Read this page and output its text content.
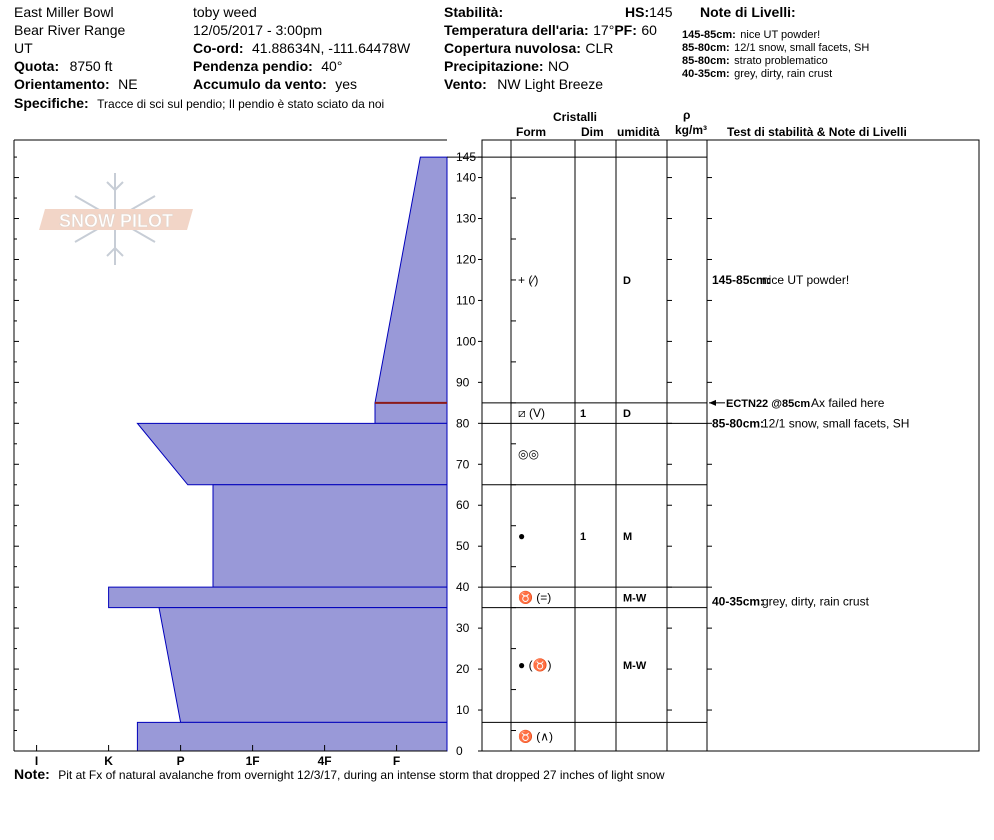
East Miller Bowl
Bear River Range
UT
Quota: 8750 ft
Orientamento: NE
Specifiche: Tracce di sci sul pendio; Il pendio è stato sciato da noi
toby weed
12/05/2017 - 3:00pm
Co-ord: 41.88634N, -111.64478W
Pendenza pendio: 40°
Accumulo da vento: yes
Stabilità:	HS:145
Temperatura dell'aria: 17°PF: 60
Copertura nuvolosa: CLR
Precipitazione: NO
Vento: NW Light Breeze
Note di Livelli:
145-85cm: nice UT powder!
85-80cm: 12/1 snow, small facets, SH
85-80cm: strato problematico
40-35cm: grey, dirty, rain crust
Cristalli
Form	Dim umidità
ρ
kg/m³ Test di stabilità & Note di Livelli
SNOW PILOT
I	K	P	1F	4F	F
0
10
20
30
40
50
60
70
80
90
100
110
120
130
140
145
+ (⁄)	D
⧄ (V)	1	D
◎◎
●	1	M
♉ (=)	M-W
● (♉)	M-W
♉ (∧)
145-85cm:
nice UT powder!
ECTN22 @85cm Ax failed here
85-80cm:
12/1 snow, small facets, SH
40-35cm:
grey, dirty, rain crust
Note: Pit at Fx of natural avalanche from overnight 12/3/17, during an intense storm that dropped 27 inches of light snow
